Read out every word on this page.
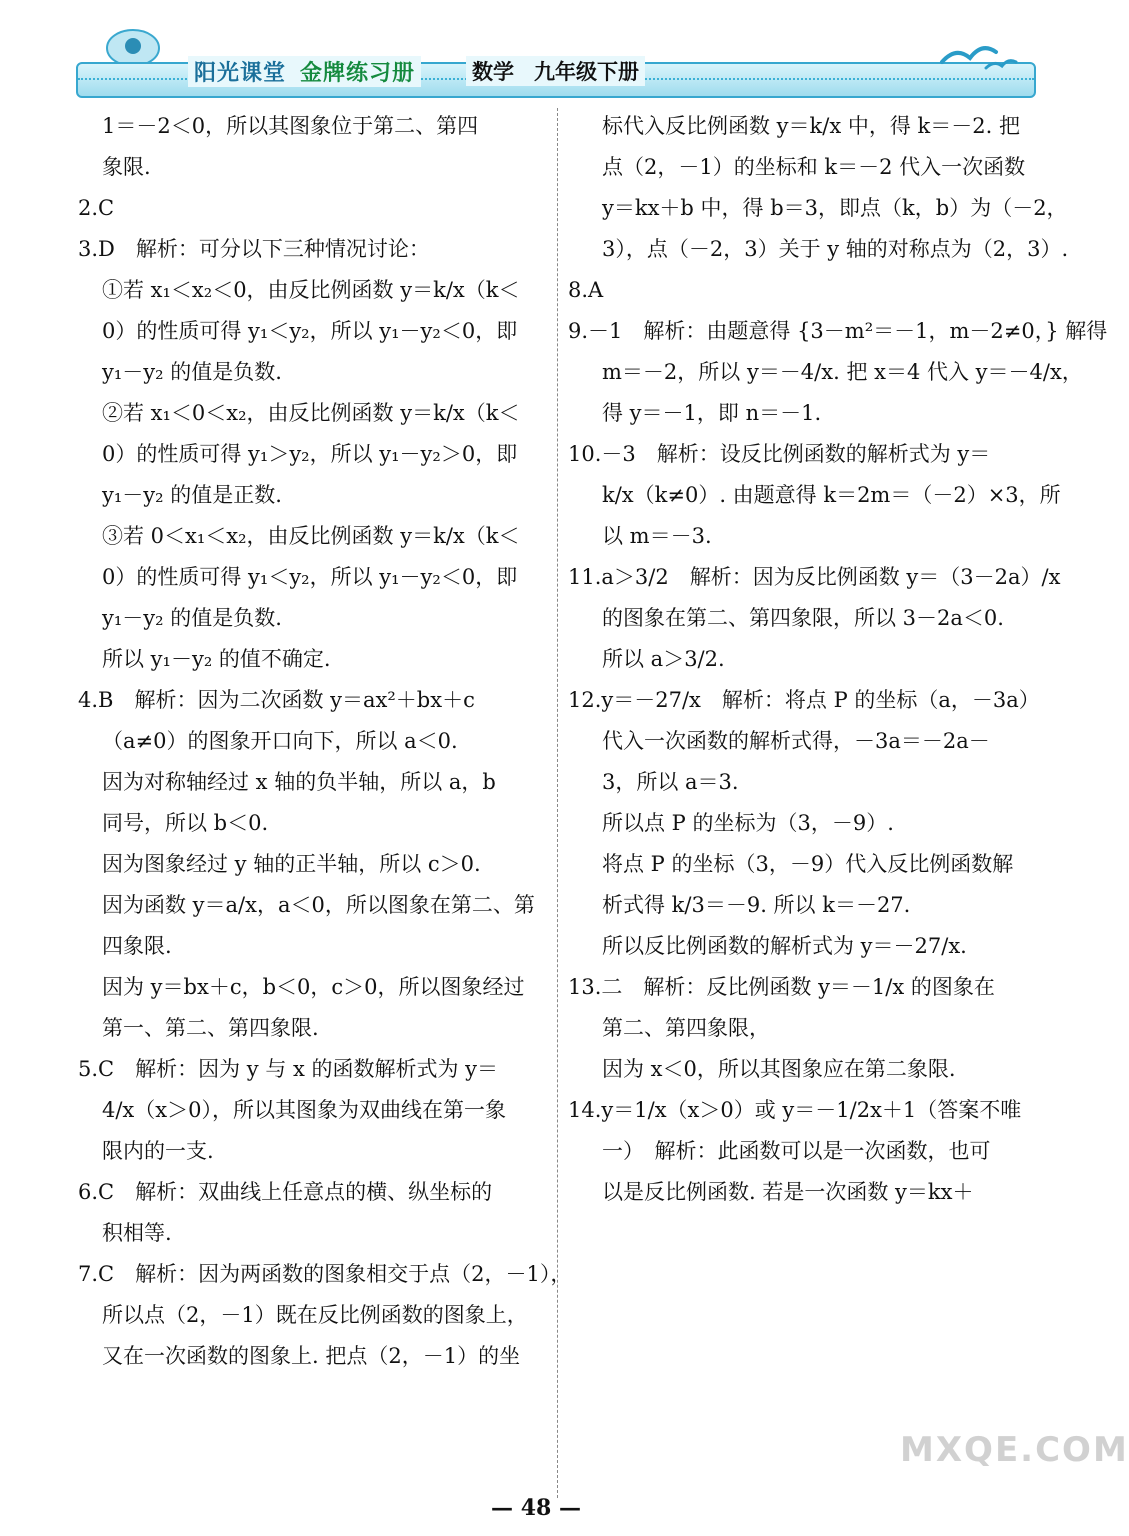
阳光课堂 金牌练习册	数学 九年级下册
1＝－2＜0，所以其图象位于第二、第四
象限.
2.C
3.D　解析：可分以下三种情况讨论：
①若 x₁＜x₂＜0，由反比例函数 y＝k/x（k＜
0）的性质可得 y₁＜y₂，所以 y₁－y₂＜0，即
y₁－y₂ 的值是负数.
②若 x₁＜0＜x₂，由反比例函数 y＝k/x（k＜
0）的性质可得 y₁＞y₂，所以 y₁－y₂＞0，即
y₁－y₂ 的值是正数.
③若 0＜x₁＜x₂，由反比例函数 y＝k/x（k＜
0）的性质可得 y₁＜y₂，所以 y₁－y₂＜0，即
y₁－y₂ 的值是负数.
所以 y₁－y₂ 的值不确定.
4.B　解析：因为二次函数 y＝ax²＋bx＋c
（a≠0）的图象开口向下，所以 a＜0.
因为对称轴经过 x 轴的负半轴，所以 a，b
同号，所以 b＜0.
因为图象经过 y 轴的正半轴，所以 c＞0.
因为函数 y＝a/x，a＜0，所以图象在第二、第
四象限.
因为 y＝bx＋c，b＜0，c＞0，所以图象经过
第一、第二、第四象限.
5.C　解析：因为 y 与 x 的函数解析式为 y＝
4/x（x＞0），所以其图象为双曲线在第一象
限内的一支.
6.C　解析：双曲线上任意点的横、纵坐标的
积相等.
7.C　解析：因为两函数的图象相交于点（2，－1），
所以点（2，－1）既在反比例函数的图象上，
又在一次函数的图象上. 把点（2，－1）的坐
标代入反比例函数 y＝k/x 中，得 k＝－2. 把
点（2，－1）的坐标和 k＝－2 代入一次函数
y＝kx＋b 中，得 b＝3，即点（k，b）为（－2，
3），点（－2，3）关于 y 轴的对称点为（2，3）.
8.A
9.－1　解析：由题意得 {3－m²＝－1，m－2≠0，} 解得
m＝－2，所以 y＝－4/x. 把 x＝4 代入 y＝－4/x，
得 y＝－1，即 n＝－1.
10.－3　解析：设反比例函数的解析式为 y＝
k/x（k≠0）. 由题意得 k＝2m＝（－2）×3，所
以 m＝－3.
11.a＞3/2　解析：因为反比例函数 y＝（3－2a）/x
的图象在第二、第四象限，所以 3－2a＜0.
所以 a＞3/2.
12.y＝－27/x　解析：将点 P 的坐标（a，－3a）
代入一次函数的解析式得，－3a＝－2a－
3，所以 a＝3.
所以点 P 的坐标为（3，－9）.
将点 P 的坐标（3，－9）代入反比例函数解
析式得 k/3＝－9. 所以 k＝－27.
所以反比例函数的解析式为 y＝－27/x.
13.二　解析：反比例函数 y＝－1/x 的图象在
第二、第四象限，
因为 x＜0，所以其图象应在第二象限.
14.y＝1/x（x＞0）或 y＝－1/2x＋1（答案不唯
一）　解析：此函数可以是一次函数，也可
以是反比例函数. 若是一次函数 y＝kx＋
MXQE.COM
— 48 —
